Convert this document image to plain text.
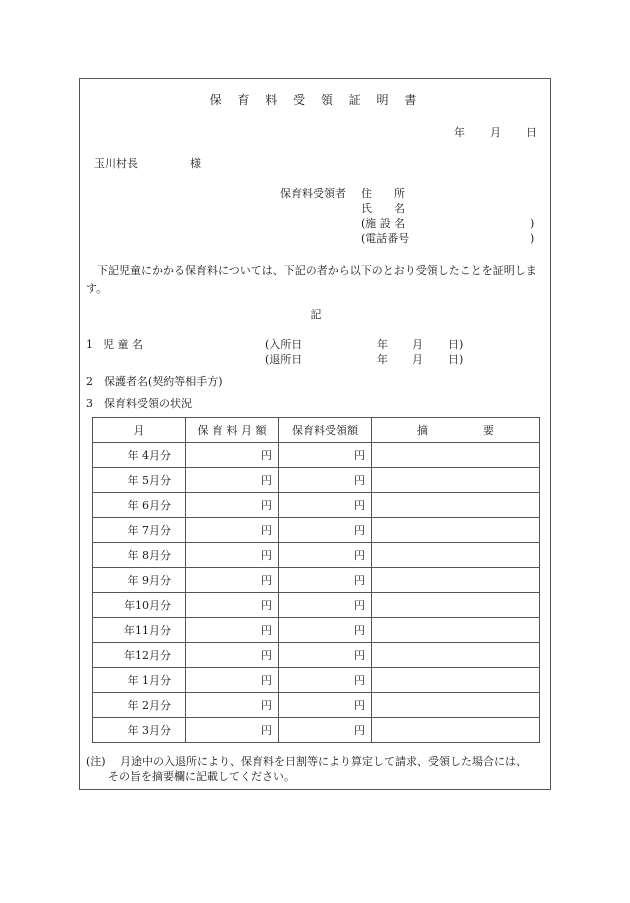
保 育 料 受 領 証 明 書
年 月 日
玉川村長	様
保育料受領者 住　　所
氏　　名
(施 設 名	)
(電話番号	)
下記児童にかかる保育料については、下記の者から以下のとおり受領したことを証明します。
記
1 児 童 名	(入所日	年 月 日)
(退所日	年 月 日)
2　保護者名(契約等相手方)
3　保育料受領の状況
月	保 育 料 月 額	保育料受領額	摘　　　　　要
年 4月分	円	円	
年 5月分	円	円	
年 6月分	円	円	
年 7月分	円	円	
年 8月分	円	円	
年 9月分	円	円	
年10月分	円	円	
年11月分	円	円	
年12月分	円	円	
年 1月分	円	円	
年 2月分	円	円	
年 3月分	円	円	
(注) 月途中の入退所により、保育料を日割等により算定して請求、受領した場合には、
その旨を摘要欄に記載してください。
